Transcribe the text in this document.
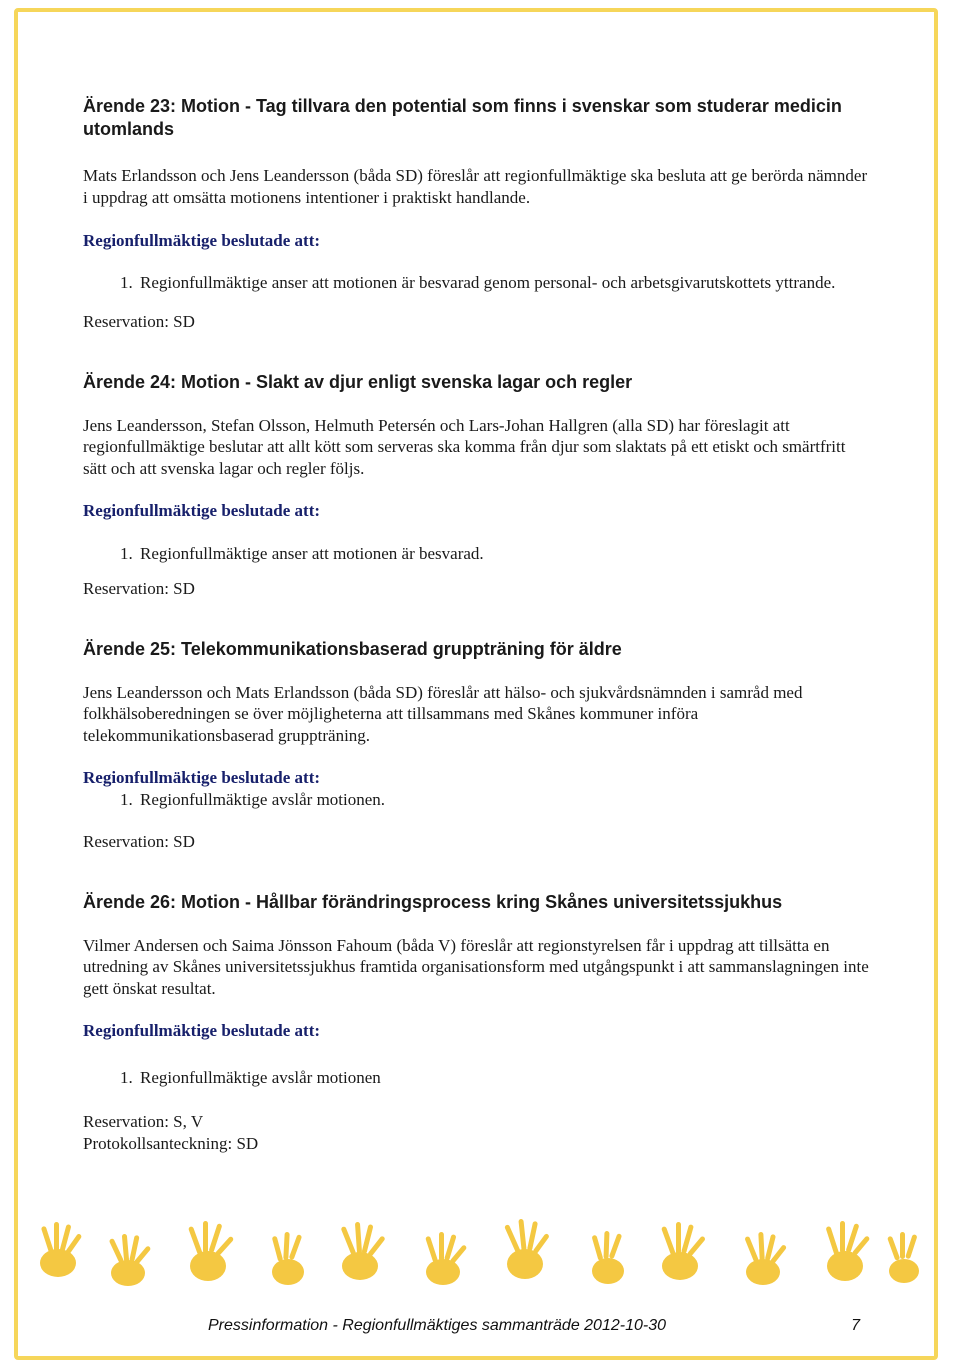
Ärende 23: Motion - Tag tillvara den potential som finns i svenskar som studerar medicin utomlands

Mats Erlandsson och Jens Leandersson (båda SD) föreslår att regionfullmäktige ska besluta att ge berörda nämnder i uppdrag att omsätta motionens intentioner i praktiskt handlande.

Regionfullmäktige beslutade att:

1. Regionfullmäktige anser att motionen är besvarad genom personal- och arbetsgivarutskottets yttrande.

Reservation: SD

Ärende 24: Motion - Slakt av djur enligt svenska lagar och regler

Jens Leandersson, Stefan Olsson, Helmuth Petersén och Lars-Johan Hallgren (alla SD) har föreslagit att regionfullmäktige beslutar att allt kött som serveras ska komma från djur som slaktats på ett etiskt och smärtfritt sätt och att svenska lagar och regler följs.

Regionfullmäktige beslutade att:

1. Regionfullmäktige anser att motionen är besvarad.

Reservation: SD

Ärende 25: Telekommunikationsbaserad gruppträning för äldre

Jens Leandersson och Mats Erlandsson (båda SD) föreslår att hälso- och sjukvårdsnämnden i samråd med folkhälsoberedningen se över möjligheterna att tillsammans med Skånes kommuner införa telekommunikationsbaserad gruppträning.

Regionfullmäktige beslutade att:

1. Regionfullmäktige avslår motionen.

Reservation: SD

Ärende 26: Motion - Hållbar förändringsprocess kring Skånes universitetssjukhus

Vilmer Andersen och Saima Jönsson Fahoum (båda V) föreslår att regionstyrelsen får i uppdrag att tillsätta en utredning av Skånes universitetssjukhus framtida organisationsform med utgångspunkt i att sammanslagningen inte gett önskat resultat.

Regionfullmäktige beslutade att:

1. Regionfullmäktige avslår motionen

Reservation: S, V

Protokollsanteckning: SD

Pressinformation - Regionfullmäktiges sammanträde 2012-10-30	7
